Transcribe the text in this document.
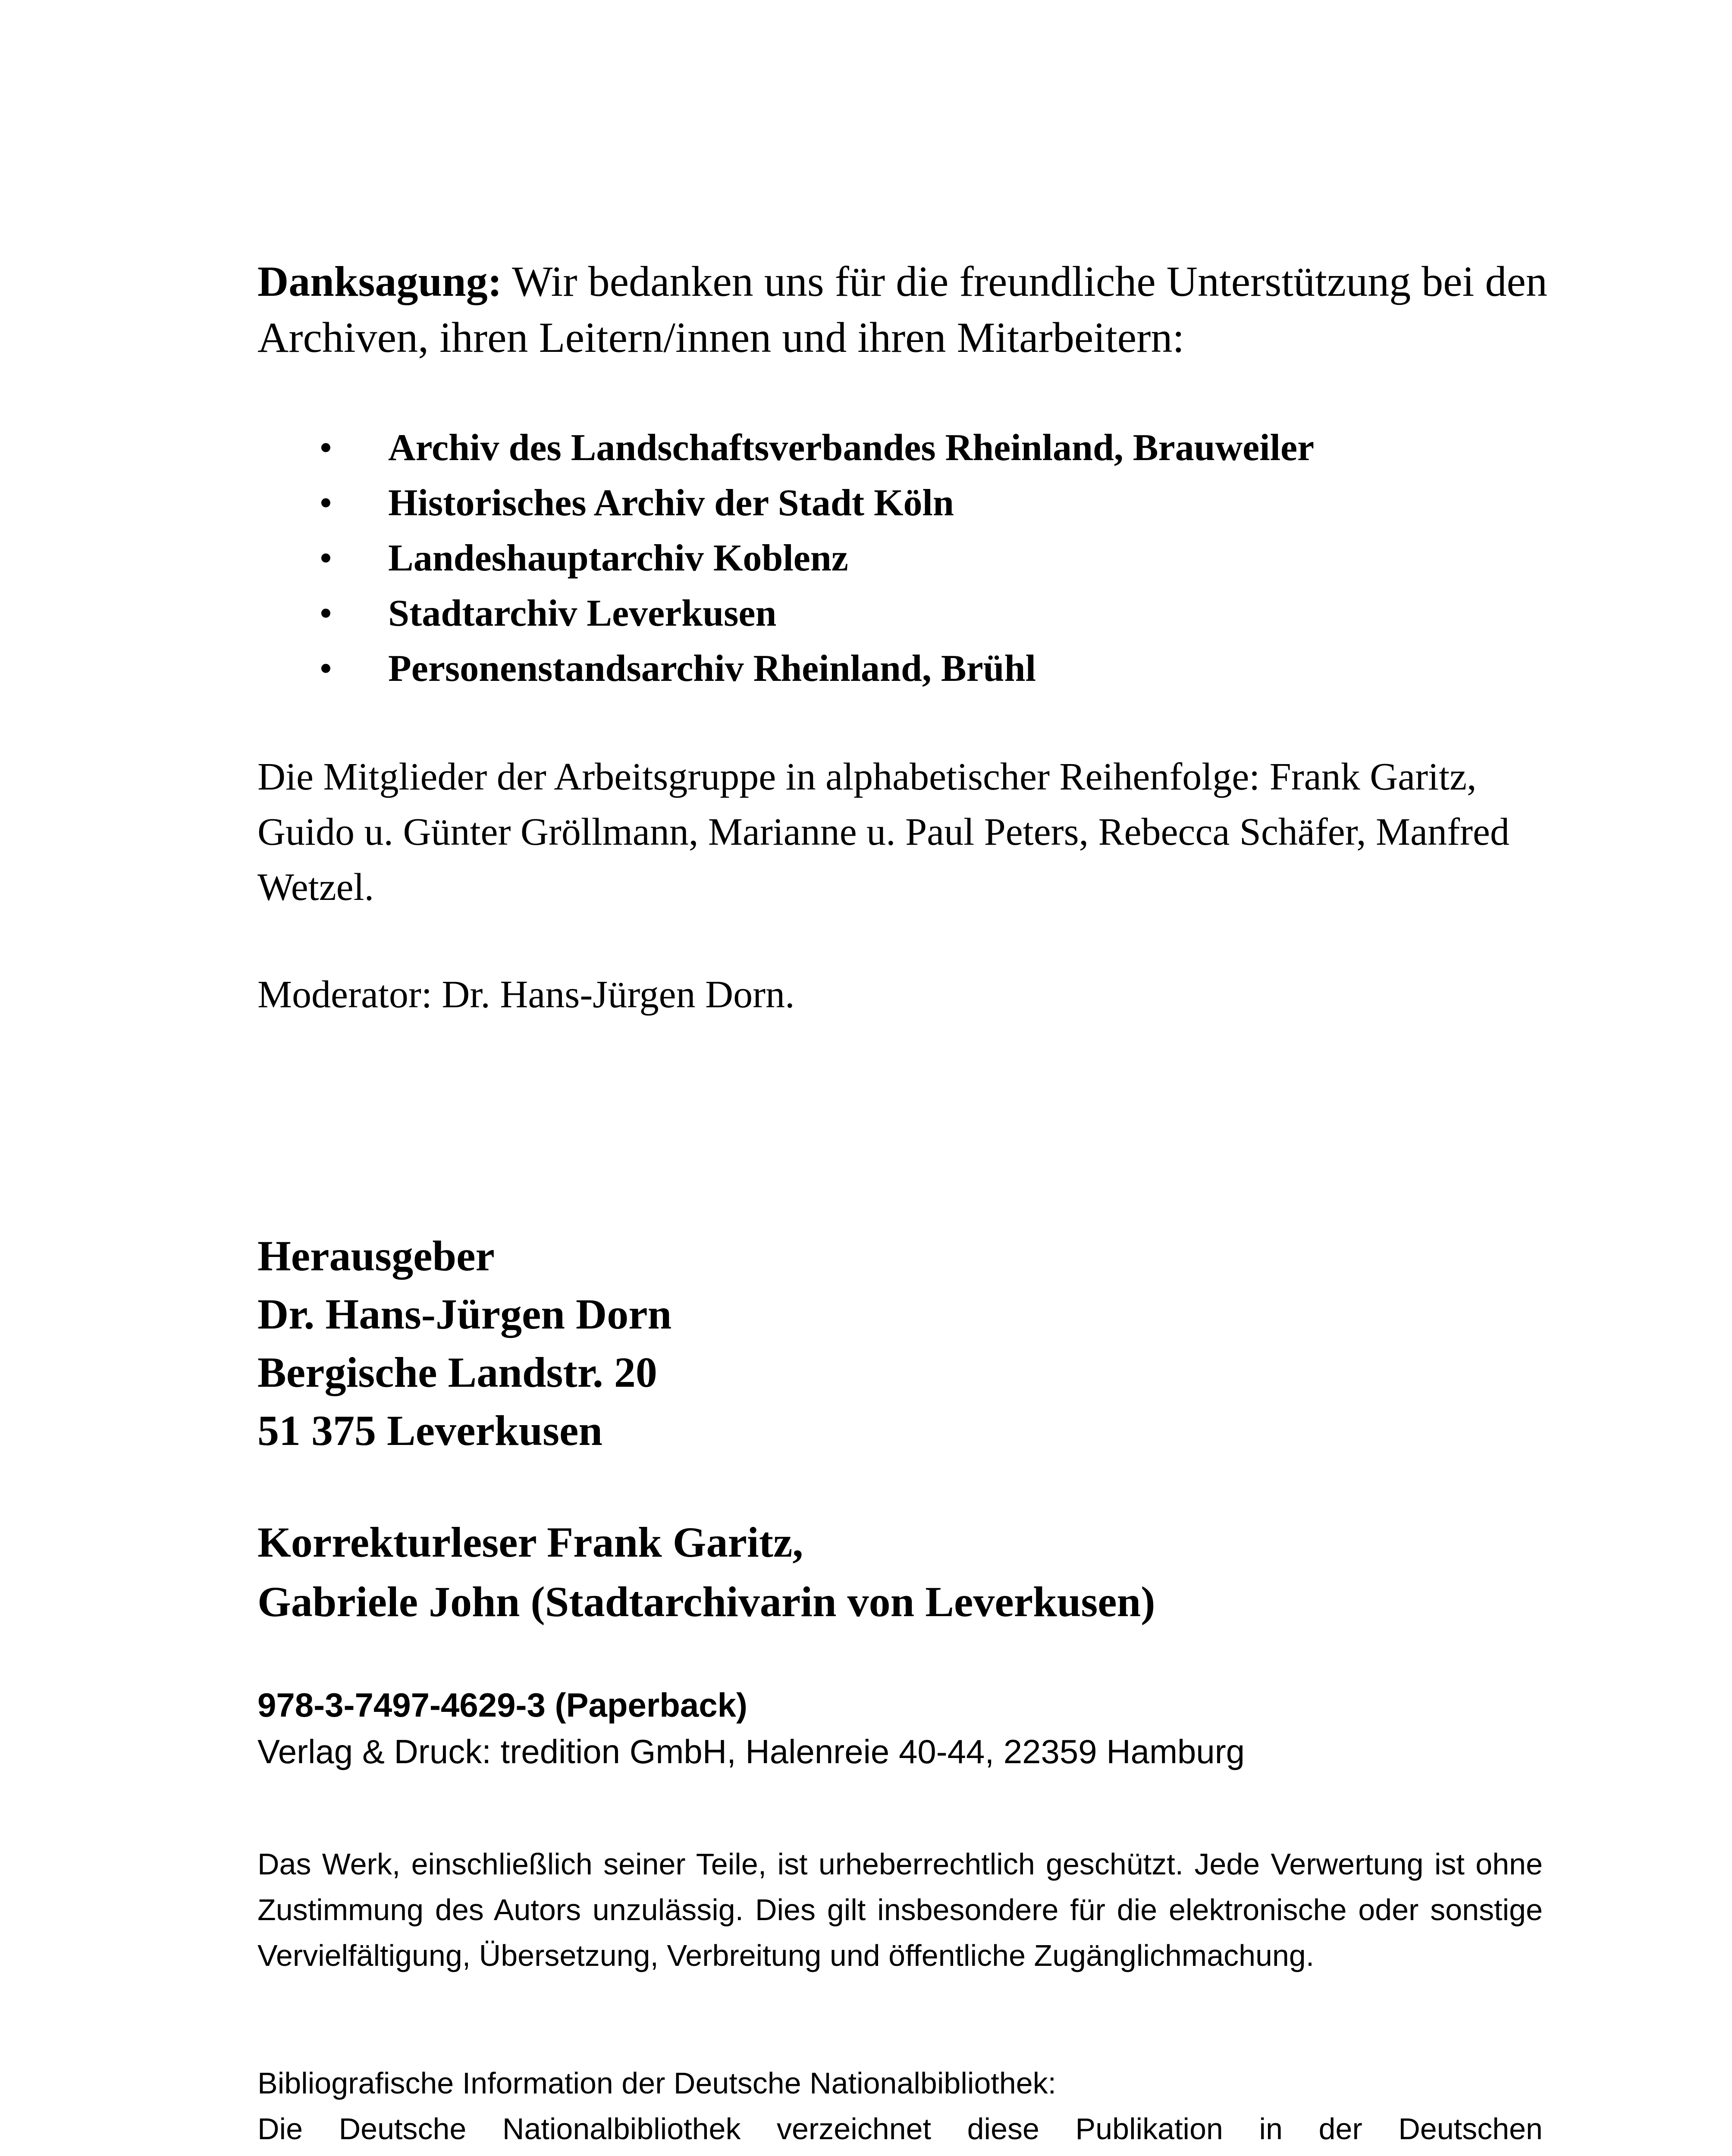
Danksagung: Wir bedanken uns für die freundliche Unterstützung bei den Archiven, ihren Leitern/innen und ihren Mitarbeitern:
• Archiv des Landschaftsverbandes Rheinland, Brauweiler
• Historisches Archiv der Stadt Köln
• Landeshauptarchiv Koblenz
• Stadtarchiv Leverkusen
• Personenstandsarchiv Rheinland, Brühl
Die Mitglieder der Arbeitsgruppe in alphabetischer Reihenfolge: Frank Garitz, Guido u. Günter Gröllmann, Marianne u. Paul Peters, Rebecca Schäfer, Manfred Wetzel.
Moderator: Dr. Hans-Jürgen Dorn.
Herausgeber
Dr. Hans-Jürgen Dorn
Bergische Landstr. 20
51 375 Leverkusen
Korrekturleser Frank Garitz,
Gabriele John (Stadtarchivarin von Leverkusen)
978-3-7497-4629-3 (Paperback)
Verlag & Druck: tredition GmbH, Halenreie 40-44, 22359 Hamburg
Das Werk, einschließlich seiner Teile, ist urheberrechtlich geschützt. Jede Verwertung ist ohne Zustimmung des Autors unzulässig. Dies gilt insbesondere für die elektronische oder sonstige Vervielfältigung, Übersetzung, Verbreitung und öffentliche Zugänglichmachung.
Bibliografische Information der Deutsche Nationalbibliothek:
Die Deutsche Nationalbibliothek verzeichnet diese Publikation in der Deutschen
